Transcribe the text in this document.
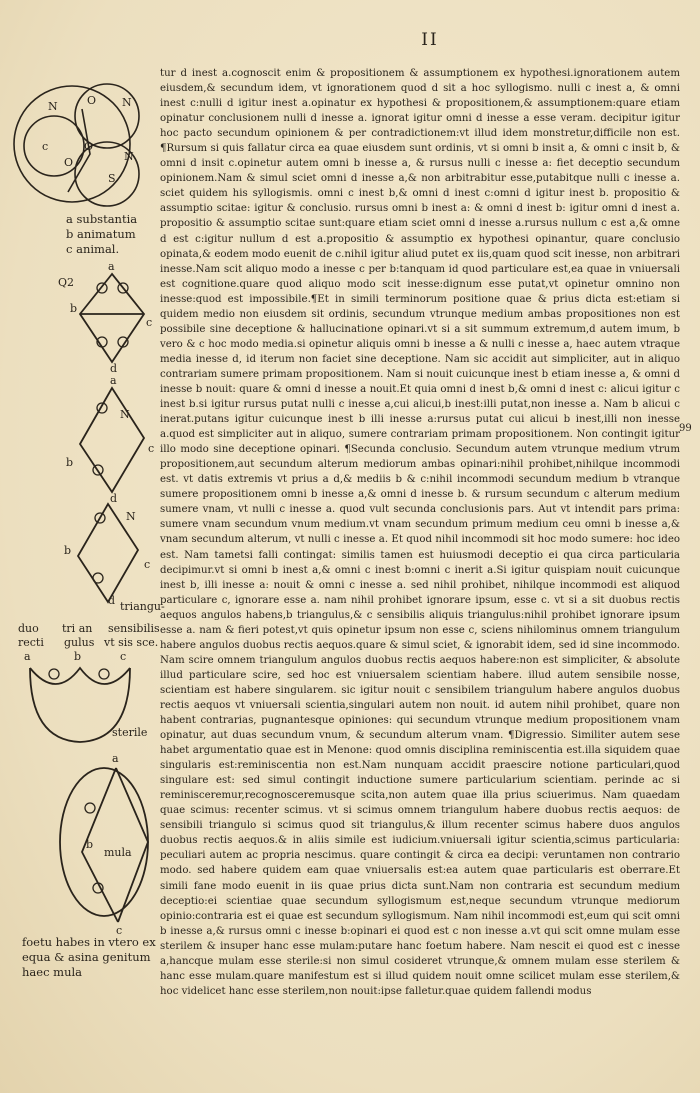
II

tur d inest a.cognoscit enim & propositionem & assumptionem ex hypothesi.ignorationem autem eiusdem,& secundum idem, vt ignorationem quod d sit a hoc syllogismo. nulli c inest a, & omni inest c:nulli d igitur inest a.opinatur ex hypothesi & propositionem,& assumptionem:quare etiam opinatur conclusionem nulli d inesse a. ignorat igitur omni d inesse a esse veram. decipitur igitur hoc pacto secundum opinionem & per contradictionem:vt illud idem monstretur,difficile non est. ¶Rursum si quis fallatur circa ea quae eiusdem sunt ordinis, vt si omni b insit a, & omni c insit b, & omni d insit c.opinetur autem omni b inesse a, & rursus nulli c inesse a: fiet deceptio secundum opinionem.Nam & simul sciet omni d inesse a,& non arbitrabitur esse,putabitque nulli c inesse a. sciet quidem his syllogismis. omni c inest b,& omni d inest c:omni d igitur inest b. propositio & assumptio scitae: igitur & conclusio. rursus omni b inest a: & omni d inest b: igitur omni d inest a. propositio & assumptio scitae sunt:quare etiam sciet omni d inesse a.rursus nullum c est a,& omne d est c:igitur nullum d est a.propositio & assumptio ex hypothesi opinantur, quare conclusio opinata,& eodem modo euenit de c.nihil igitur aliud putet ex iis,quam quod scit inesse, non arbitrari inesse.Nam scit aliquo modo a inesse c per b:tanquam id quod particulare est,ea quae in vniuersali est cognitione.quare quod aliquo modo scit inesse:dignum esse putat,vt opinetur omnino non inesse:quod est impossibile.¶Et in simili terminorum positione quae & prius dicta est:etiam si quidem medio non eiusdem sit ordinis, secundum vtrunque medium ambas propositiones non est possibile sine deceptione & hallucinatione opinari.vt si a sit summum extremum,d autem imum, b vero & c hoc modo media.si opinetur aliquis omni b inesse a & nulli c inesse a, haec autem vtraque media inesse d, id iterum non faciet sine deceptione. Nam sic accidit aut simpliciter, aut in aliquo contrariam sumere primam propositionem. Nam si nouit cuicunque inest b etiam inesse a, & omni d inesse b nouit: quare & omni d inesse a nouit.Et quia omni d inest b,& omni d inest c: alicui igitur c inest b.si igitur rursus putat nulli c inesse a,cui alicui,b inest:illi putat,non inesse a. Nam b alicui c inerat.putans igitur cuicunque inest b illi inesse a:rursus putat cui alicui b inest,illi non inesse a.quod est simpliciter aut in aliquo, sumere contrariam primam propositionem. Non contingit igitur illo modo sine deceptione opinari. ¶Secunda conclusio. Secundum autem vtrunque medium vtrum propositionem,aut secundum alterum mediorum ambas opinari:nihil prohibet,nihilque incommodi est. vt datis extremis vt prius a d,& mediis b & c:nihil incommodi secundum medium b vtranque sumere propositionem omni b inesse a,& omni d inesse b. & rursum secundum c alterum medium sumere vnam, vt nulli c inesse a. quod vult secunda conclusionis pars. Aut vt intendit pars prima: sumere vnam secundum vnum medium.vt vnam secundum primum medium ceu omni b inesse a,& vnam secundum alterum, vt nulli c inesse a. Et quod nihil incommodi sit hoc modo sumere: hoc ideo est. Nam tametsi falli contingat: similis tamen est huiusmodi deceptio ei qua circa particularia decipimur.vt si omni b inest a,& omni c inest b:omni c inerit a.Si igitur quispiam nouit cuicunque inest b, illi inesse a: nouit & omni c inesse a. sed nihil prohibet, nihilque incommodi est aliquod particulare c, ignorare esse a. nam nihil prohibet ignorare ipsum, esse c. vt si a sit duobus rectis aequos angulos habens,b triangulus,& c sensibilis aliquis triangulus:nihil prohibet ignorare ipsum esse a. nam & fieri potest,vt quis opinetur ipsum non esse c, sciens nihilominus omnem triangulum habere angulos duobus rectis aequos.quare & simul sciet, & ignorabit idem, sed id sine incommodo. Nam scire omnem triangulum angulos duobus rectis aequos habere:non est simpliciter, & absolute illud particulare scire, sed hoc est vniuersalem scientiam habere. illud autem sensibile nosse, scientiam est habere singularem. sic igitur nouit c sensibilem triangulum habere angulos duobus rectis aequos vt vniuersali scientia,singulari autem non nouit. id autem nihil prohibet, quare non habent contrarias, pugnantesque opiniones: qui secundum vtrunque medium propositionem vnam opinatur, aut duas secundum vnum, & secundum alterum vnam. ¶Digressio. Similiter autem sese habet argumentatio quae est in Menone: quod omnis disciplina reminiscentia est.illa siquidem quae singularis est:reminiscentia non est.Nam nunquam accidit praescire notione particulari,quod singulare est: sed simul contingit inductione sumere particularium scientiam. perinde ac si reminisceremur,recognosceremusque scita,non autem quae illa prius sciuerimus. Nam quaedam quae scimus: recenter scimus. vt si scimus omnem triangulum habere duobus rectis aequos: de sensibili triangulo si scimus quod sit triangulus,& illum recenter scimus habere duos angulos duobus rectis aequos.& in aliis simile est iudicium.vniuersali igitur scientia,scimus particularia: peculiari autem ac propria nescimus. quare contingit & circa ea decipi: veruntamen non contrario modo. sed habere quidem eam quae vniuersalis est:ea autem quae particularis est oberrare.Et simili fane modo euenit in iis quae prius dicta sunt.Nam non contraria est secundum medium deceptio:ei scientiae quae secundum syllogismum est,neque secundum vtrunque mediorum opinio:contraria est ei quae est secundum syllogismum. Nam nihil incommodi est,eum qui scit omni b inesse a,& rursus omni c inesse b:opinari ei quod est c non inesse a.vt qui scit omne mulam esse sterilem & insuper hanc esse mulam:putare hanc foetum habere. Nam nescit ei quod est c inesse a,hancque mulam esse sterile:si non simul cosideret vtrunque,& omnem mulam esse sterilem & hanc esse mulam.quare manifestum est si illud quidem nouit omne scilicet mulam esse sterilem,& hoc videlicet hanc esse sterilem,non nouit:ipse falletur.quae quidem fallendi modus

99
N	O N
N
c
O
O
S
a substantia
b animatum
c animal.
a
Q2
b
c
d
a
N
b
c
d
N
b
c
d triangu-
duo tri an sensibilis
recti gulus vt sis sce.
a	b	c
sterile
a
b
mula
c
foetu habes in vtero ex equa & asina genitum haec mula
